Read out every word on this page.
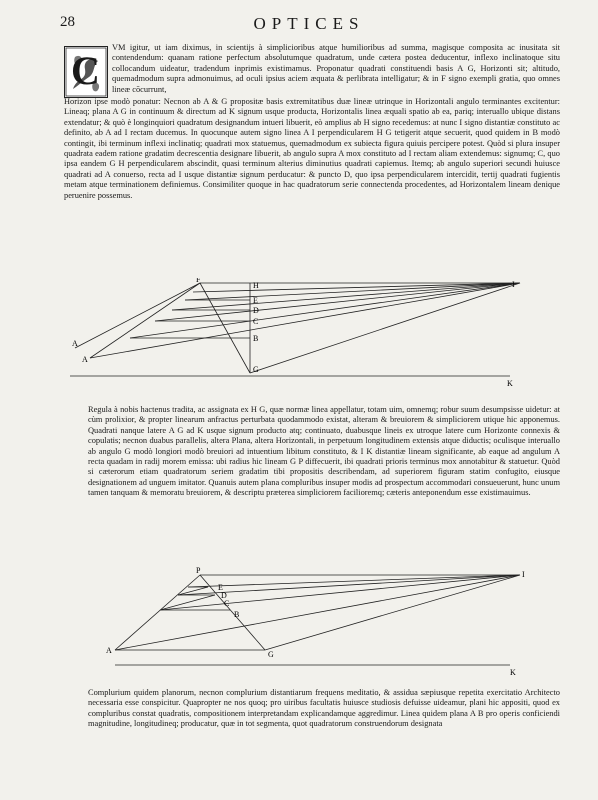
28	OPTICES
C
VM igitur, ut iam diximus, in scientijs à simplicioribus atque humilioribus ad summa, magisque composita ac inusitata sit contendendum: quanam ratione perfectum absolutumque quadratum, unde cætera postea deducentur, inflexo inclinatoque situ collocandum uideatur, tradendum inprimis existimamus. Proponatur quadrati constituendi basis A G, Horizonti sit; altitudo, quemadmodum supra admonuimus, ad oculi ipsius aciem æquata & perlibrata intelligatur; & in F signo exempli gratia, quo omnes lineæ cōcurrunt,
Horizon ipse modò ponatur: Necnon ab A & G propositæ basis extremitatibus duæ lineæ utrinque in Horizontali angulo terminantes excitentur: Lineaq; plana A G in continuum & directum ad K signum usque producta, Horizontalis linea æquali spatio ab ea, pariq; interuallo ubique distans extendatur; & quò è longinquiori quadratum designandum intueri libuerit, eò amplius ab H signo recedemus: at nunc I signo distantiæ constituto ac definito, ab A ad I rectam ducemus. In quocunque autem signo linea A I perpendicularem H G tetigerit atque secuerit, quod quidem in B modò contingit, ibi terminum inflexi inclinatiq; quadrati mox statuemus, quemadmodum ex subiecta figura quiuis percipere potest. Quòd si plura insuper quadrata eadem ratione gradatim decrescentia designare libuerit, ab angulo supra A mox constituto ad I rectam aliam extendemus: signumq; C, quo ipsa eandem G H perpendicularem abscindit, quasi terminum alterius diminutius quadrati capiemus. Itemq; ab angulo superiori secundi huiusce quadrati ad A conuerso, recta ad I usque distantiæ signum perducatur: & puncto D, quo ipsa perpendicularem intercidit, tertij quadrati fugientis metam atque terminationem definiemus. Consimiliter quoque in hac quadratorum serie connectenda procedentes, ad Horizontalem lineam denique peruenire possemus.
F
H
E
D
C
B
A
A
G
I
K
Regula à nobis hactenus tradita, ac assignata ex H G, quæ normæ linea appellatur, totam uim, omnemq; robur suum desumpsisse uidetur: at cùm prolixior, & propter linearum anfractus perturbata quodammodo existat, alteram & breuiorem & simpliciorem utique hic apponemus. Quadrati nanque latere A G ad K usque signum producto atq; continuato, duabusque lineis ex utroque latere cum Horizonte connexis & copulatis; necnon duabus parallelis, altera Plana, altera Horizontali, in perpetuum longitudinem extensis atque diductis; oculisque interuallo ab angulo G modò longiori modò breuiori ad intuentium libitum constituto, & I K distantiæ lineam significante, ab eaque ad angulum A recta quadam in radij morem emissa: ubi radius hic lineam G P diffecuerit, ibi quadrati prioris terminus mox annotabitur & statuetur. Quòd si cæterorum etiam quadratorum seriem gradatim tibi propositis describendam, ad superiorem figuram statim confugito, eiusque designationem ad unguem imitator. Quanuis autem plana compluribus insuper modis ad prospectum accommodari consueuerunt, hunc unum tamen tanquam & memoratu breuiorem, & descriptu præterea simpliciorem facilioremq; cæteris anteponendum esse existimauimus.
P
A
E
D
C
B
G
I
K
Complurium quidem planorum, necnon complurium distantiarum frequens meditatio, & assidua sæpiusque repetita exercitatio Architecto necessaria esse conspicitur. Quapropter ne nos quoq; pro uiribus facultatis huiusce studiosis defuisse uideamur, plani hic appositi, quod ex compluribus constat quadratis, compositionem interpretandam explicandamque aggredimur. Linea quidem plana A B pro operis conficiendi magnitudine, longitudineq; producatur, quæ in tot segmenta, quot quadratorum construendorum designata
